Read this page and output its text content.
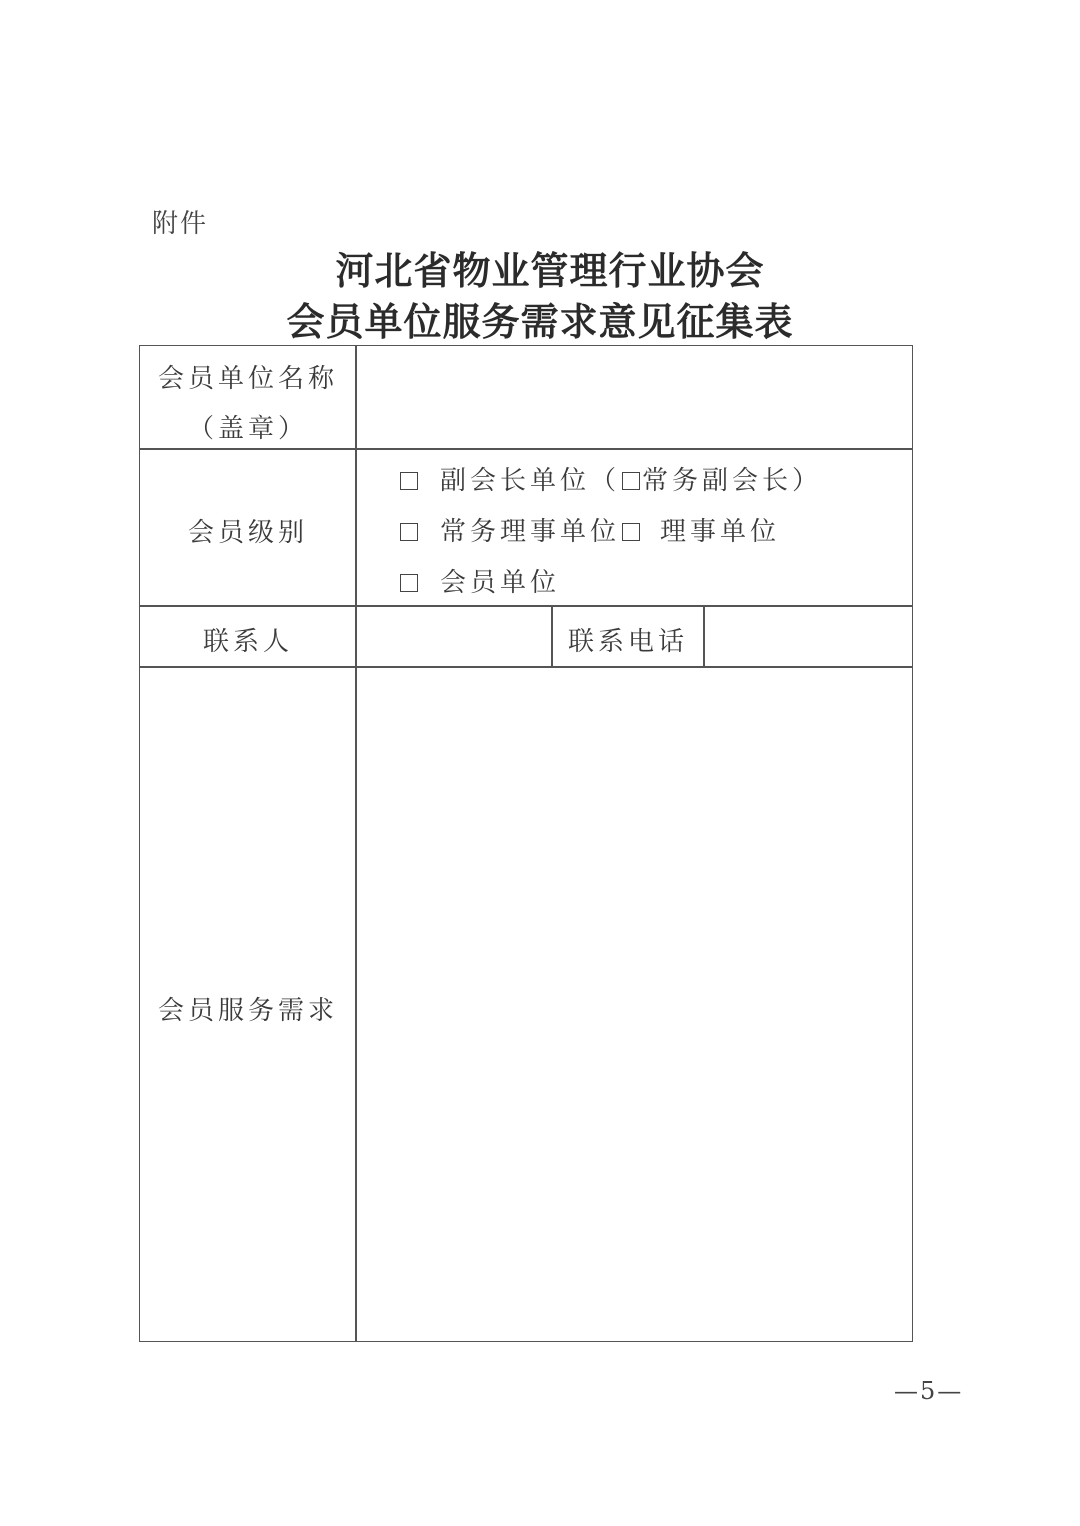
附件
河北省物业管理行业协会
会员单位服务需求意见征集表
会员单位名称
（盖章）
会员级别
副会长单位（ 常务副会长）
常务理事单位 理事单位
会员单位
联系人	联系电话
会员服务需求
—5—
